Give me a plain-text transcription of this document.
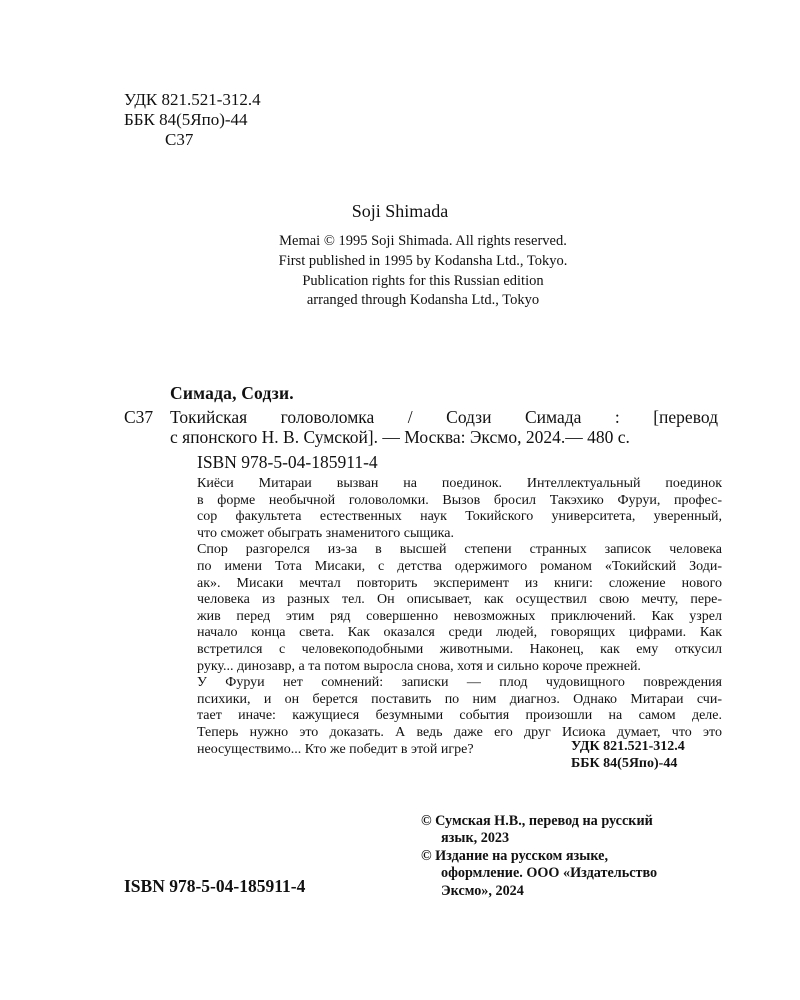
УДК 821.521-312.4
ББК 84(5Япо)-44
С37
Soji Shimada
Memai © 1995 Soji Shimada. All rights reserved.
First published in 1995 by Kodansha Ltd., Tokyo.
Publication rights for this Russian edition
arranged through Kodansha Ltd., Tokyo
Симада, Содзи.
С37 Токийская головоломка / Содзи Симада : [перевод
с японского Н. В. Сумской]. — Москва: Эксмо, 2024.— 480 с.
ISBN 978-5-04-185911-4

Киёси Митараи вызван на поединок. Интеллектуальный поединок
в форме необычной головоломки. Вызов бросил Такэхико Фуруи, профес-
сор факультета естественных наук Токийского университета, уверенный,
что сможет обыграть знаменитого сыщика.

Спор разгорелся из-за в высшей степени странных записок человека
по имени Тота Мисаки, с детства одержимого романом «Токийский Зоди-
ак». Мисаки мечтал повторить эксперимент из книги: сложение нового
человека из разных тел. Он описывает, как осуществил свою мечту, пере-
жив перед этим ряд совершенно невозможных приключений. Как узрел
начало конца света. Как оказался среди людей, говорящих цифрами. Как
встретился с человекоподобными животными. Наконец, как ему откусил
руку... динозавр, а та потом выросла снова, хотя и сильно короче прежней.

У Фуруи нет сомнений: записки — плод чудовищного повреждения
психики, и он берется поставить по ним диагноз. Однако Митараи счи-
тает иначе: кажущиеся безумными события произошли на самом деле.
Теперь нужно это доказать. А ведь даже его друг Исиока думает, что это
неосуществимо... Кто же победит в этой игре?	УДК 821.521-312.4
ББК 84(5Япо)-44
© Сумская Н.В., перевод на русский
язык, 2023
© Издание на русском языке,
оформление. ООО «Издательство
Эксмо», 2024
ISBN 978-5-04-185911-4
